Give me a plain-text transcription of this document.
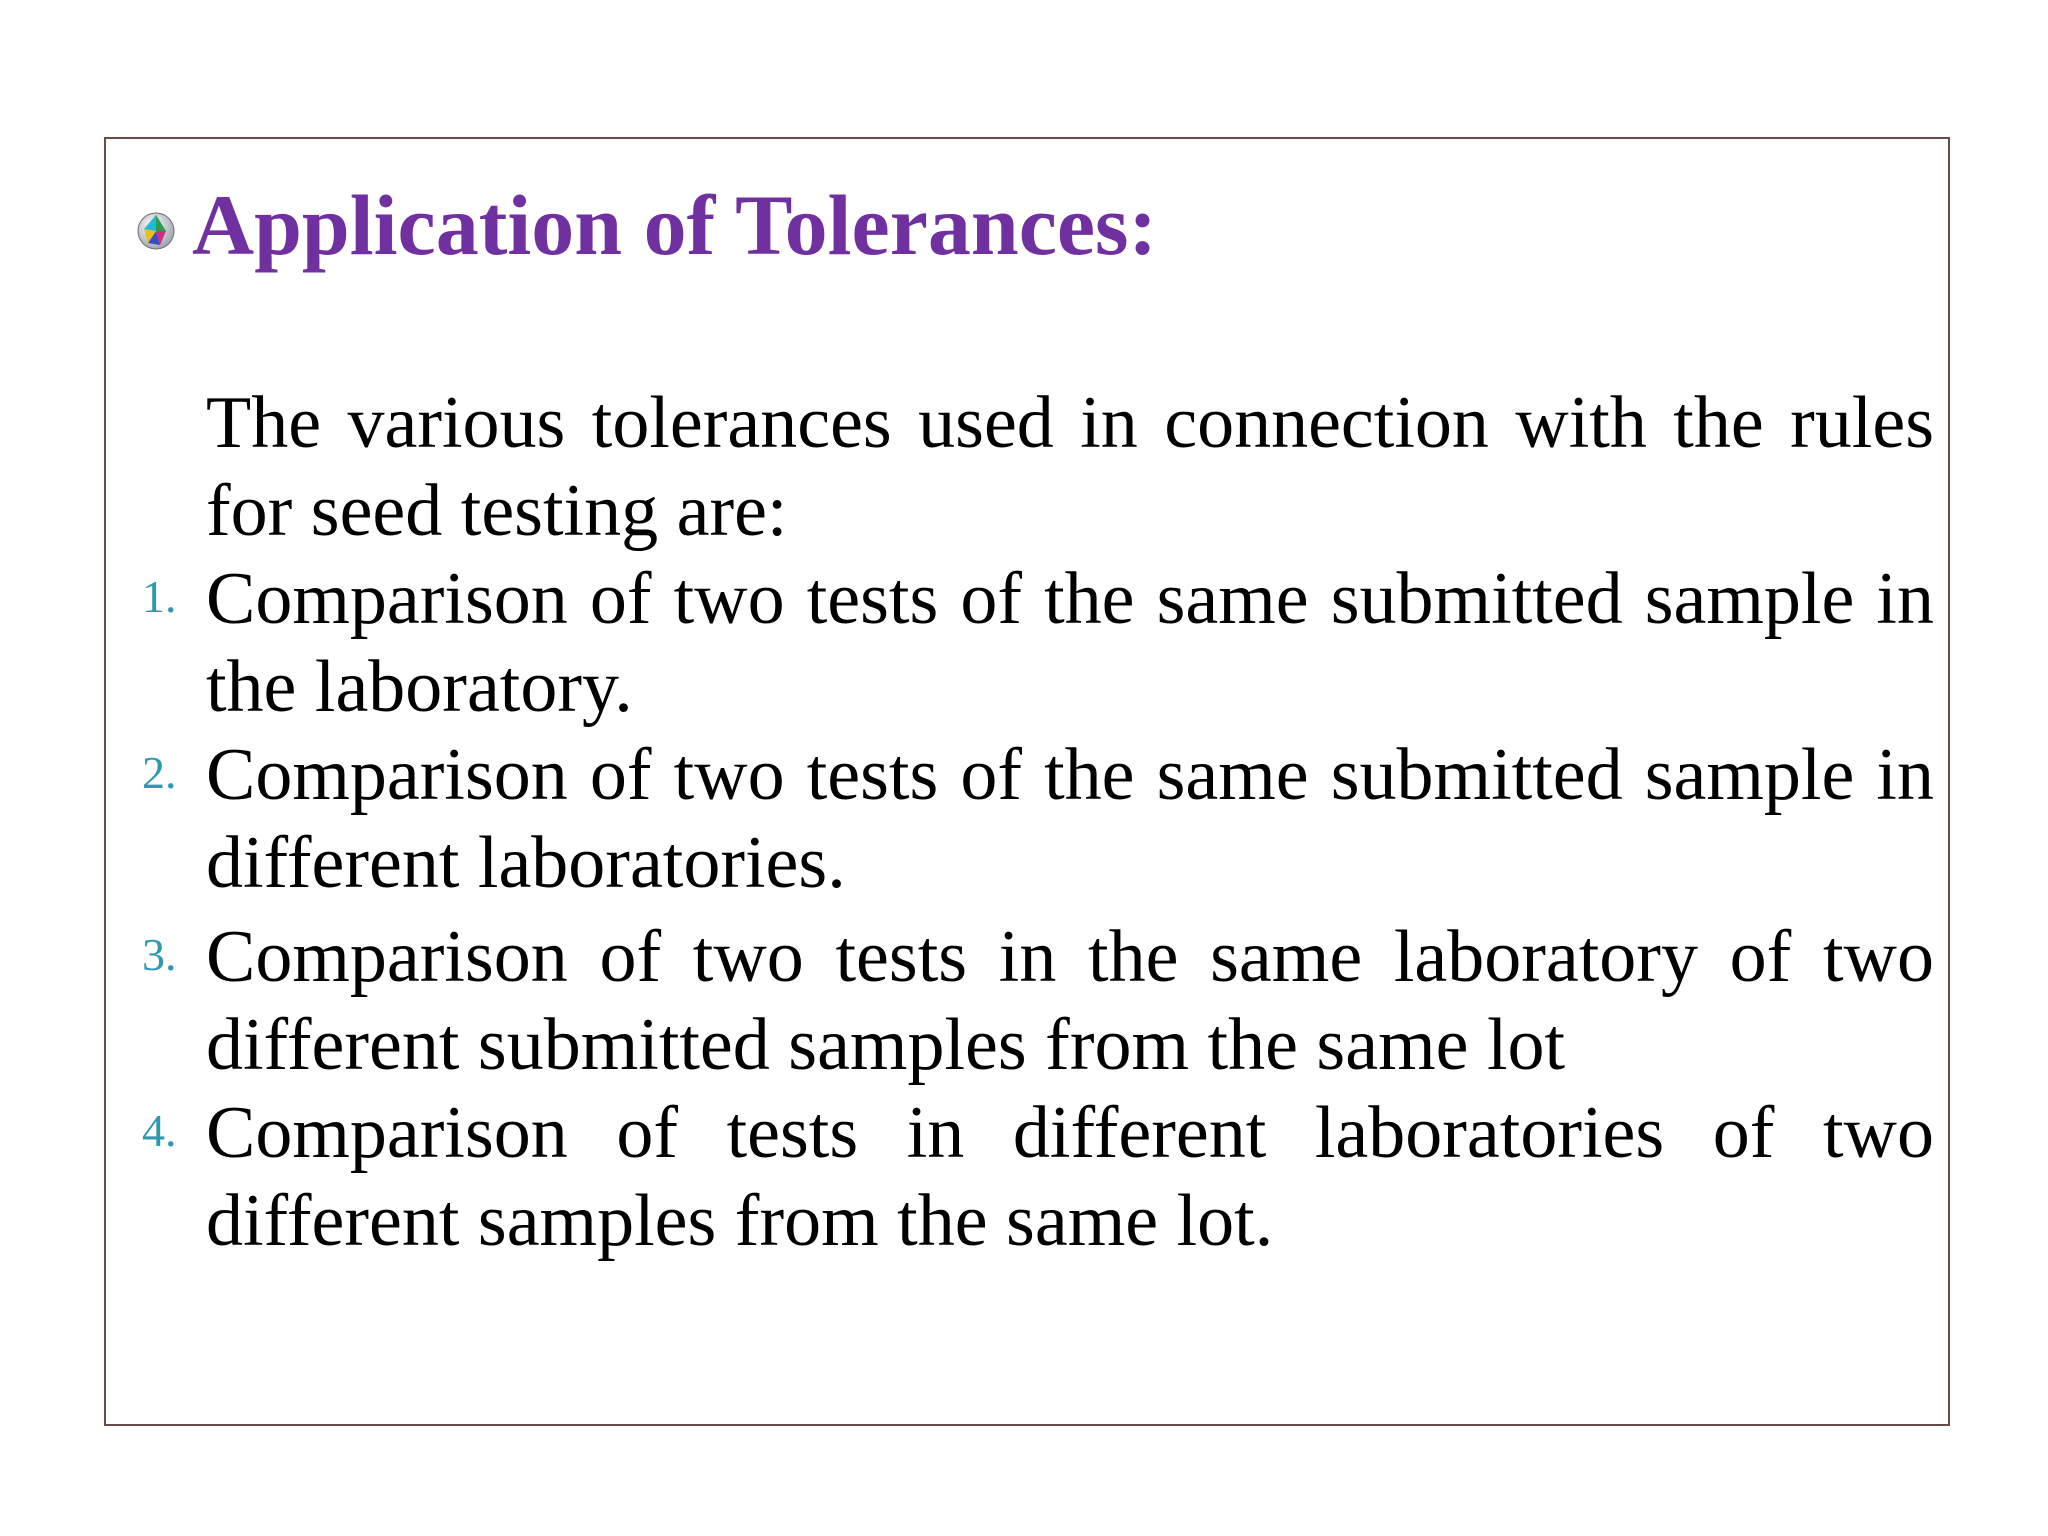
Application of Tolerances:

The various tolerances used in connection with the rules for seed testing are:

1. Comparison of two tests of the same submitted sample in the laboratory.
2. Comparison of two tests of the same submitted sample in different laboratories.
3. Comparison of two tests in the same laboratory of two different submitted samples from the same lot
4. Comparison of tests in different laboratories of two different samples from the same lot.
